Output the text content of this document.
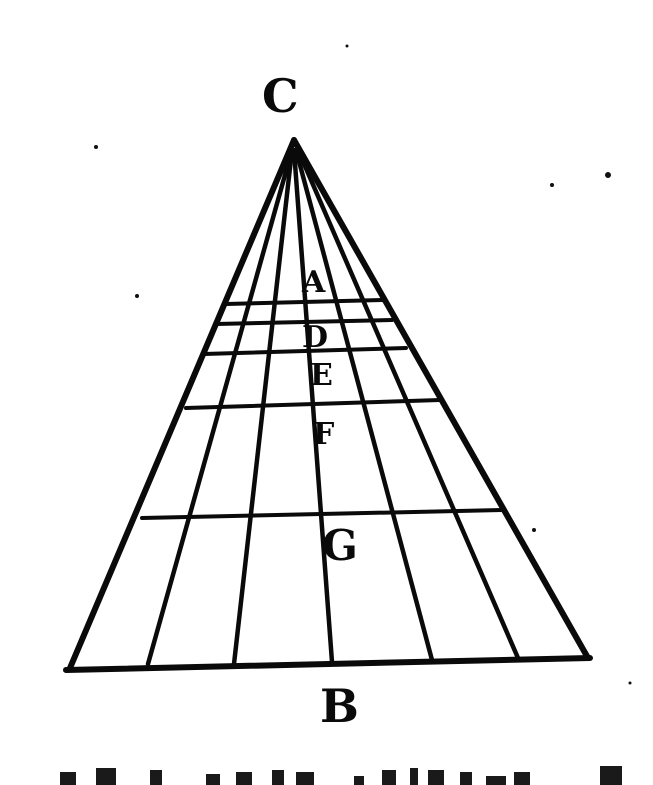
C
B
A
D
E
F
G
